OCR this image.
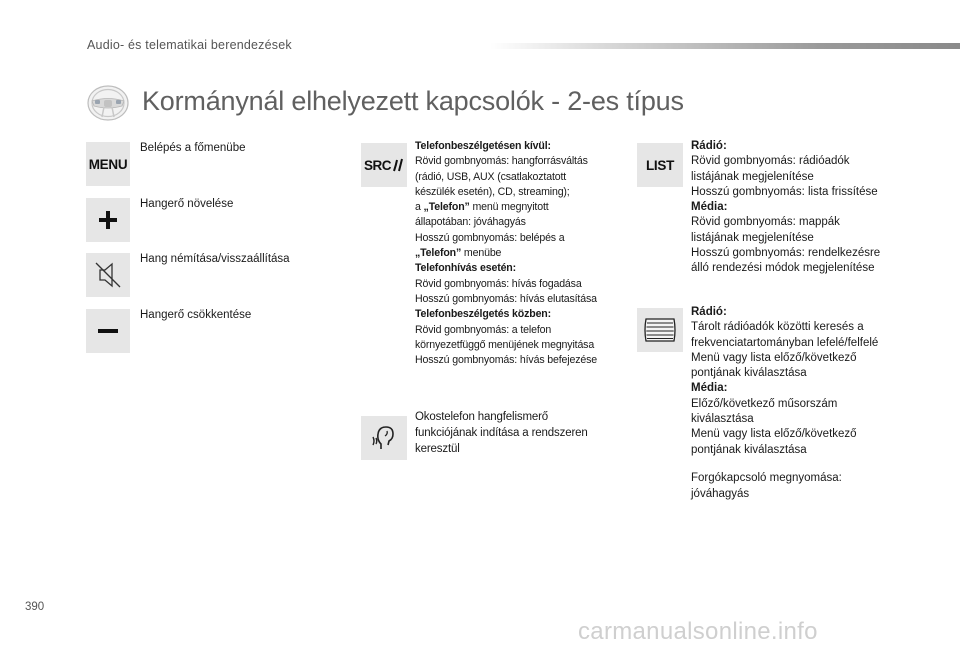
Audio- és telematikai berendezések
Kormánynál elhelyezett kapcsolók - 2-es típus
MENU
Belépés a főmenübe
Hangerő növelése
Hang némítása/visszaállítása
Hangerő csökkentése
SRC
Telefonbeszélgetésen kívül:
Rövid gombnyomás: hangforrásváltás
(rádió, USB, AUX (csatlakoztatott
készülék esetén), CD, streaming);
a „Telefon” menü megnyitott
állapotában: jóváhagyás
Hosszú gombnyomás: belépés a
„Telefon” menübe
Telefonhívás esetén:
Rövid gombnyomás: hívás fogadása
Hosszú gombnyomás: hívás elutasítása
Telefonbeszélgetés közben:
Rövid gombnyomás: a telefon
környezetfüggő menüjének megnyitása
Hosszú gombnyomás: hívás befejezése
Okostelefon hangfelismerő
funkciójának indítása a rendszeren
keresztül
LIST
Rádió:
Rövid gombnyomás: rádióadók
listájának megjelenítése
Hosszú gombnyomás: lista frissítése
Média:
Rövid gombnyomás: mappák
listájának megjelenítése
Hosszú gombnyomás: rendelkezésre
álló rendezési módok megjelenítése
Rádió:
Tárolt rádióadók közötti keresés a
frekvenciatartományban lefelé/felfelé
Menü vagy lista előző/következő
pontjának kiválasztása
Média:
Előző/következő műsorszám
kiválasztása
Menü vagy lista előző/következő
pontjának kiválasztása
Forgókapcsoló megnyomása:
jóváhagyás
390
carmanualsonline.info
